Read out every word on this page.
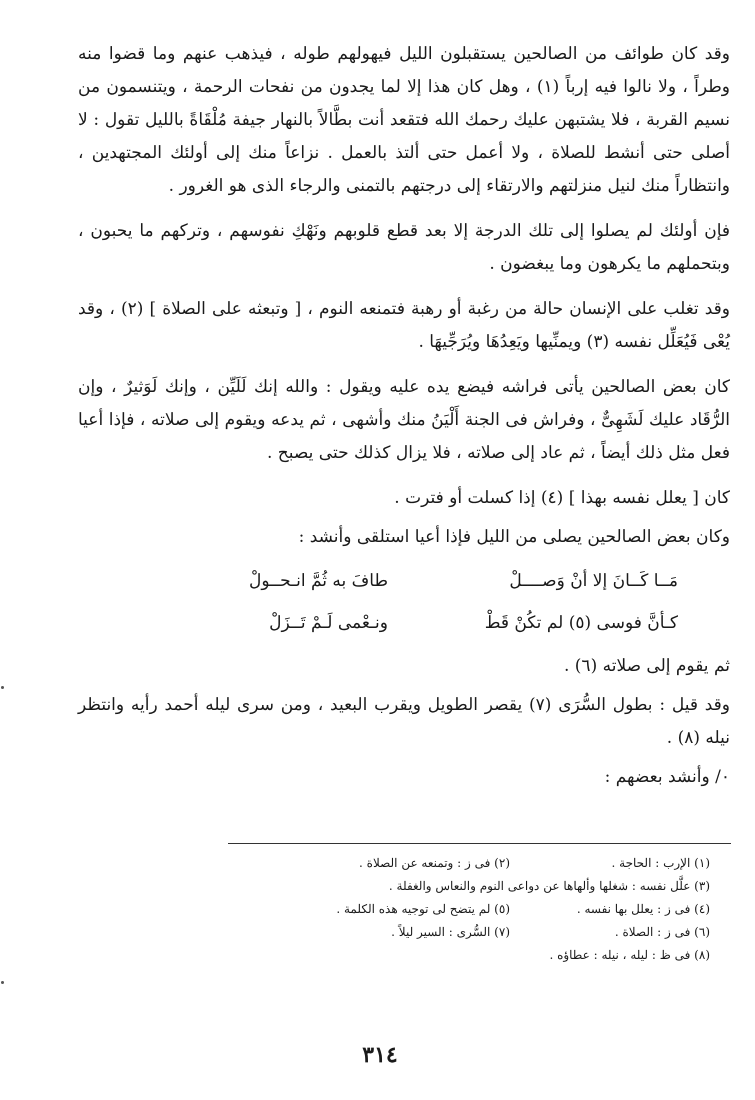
وقد كان طوائف من الصالحين يستقبلون الليل فيهولهم طوله ، فيذهب عنهم وما قضوا منه وطراً ، ولا نالوا فيه إرباً (١) ، وهل كان هذا إلا لما يجدون من نفحات الرحمة ، ويتنسمون من نسيم القربة ، فلا يشتبهن عليك رحمك الله فتقعد أنت بطَّالاً بالنهار جيفة مُلْقَاةً بالليل تقول : لا أصلى حتى أنشط للصلاة ، ولا أعمل حتى ألتذ بالعمل . نزاعاً منك إلى أولئك المجتهدين ، وانتظاراً منك لنيل منزلتهم والارتقاء إلى درجتهم بالتمنى والرجاء الذى هو الغرور .

فإن أولئك لم يصلوا إلى تلك الدرجة إلا بعد قطع قلوبهم ونَهْكِ نفوسهم ، وتركهم ما يحبون ، وبتحملهم ما يكرهون وما يبغضون .

وقد تغلب على الإنسان حالة من رغبة أو رهبة فتمنعه النوم ، [ وتبعثه على الصلاة ] (٢) ، وقد يُعْى فَيُعَلِّل نفسه (٣) ويمنِّيها ويَعِدُهَا ويُرَجِّيهَا .

كان بعض الصالحين يأتى فراشه فيضع يده عليه ويقول : والله إنك لَلَيِّن ، وإنك لَوَثيرٌ ، وإن الرُّقَاد عليك لَشَهِىٌّ ، وفراش فى الجنة أَلْيَنُ منك وأشهى ، ثم يدعه ويقوم إلى صلاته ، فإذا أعيا فعل مثل ذلك أيضاً ، ثم عاد إلى صلاته ، فلا يزال كذلك حتى يصبح .

كان [ يعلل نفسه بهذا ] (٤) إذا كسلت أو فترت .

وكان بعض الصالحين يصلى من الليل فإذا أعيا استلقى وأنشد :

مَــا كَــانَ إلا أنْ وَصــــلْ
طافَ به ثُمَّ انـحــولْ
كـأنَّ فوسى (٥) لم تكُنْ قَطْ
ونـعْمى لَـمْ تَــزَلْ

ثم يقوم إلى صلاته (٦) .

وقد قيل : بطول السُّرَى (٧) يقصر الطويل ويقرب البعيد ، ومن سرى ليله أحمد رأيه وانتظر نيله (٨) .

٠/ وأنشد بعضهم :

(١) الإرب : الحاجة .
(٢) فى ز : وتمنعه عن الصلاة .
(٣) علَّل نفسه : شغلها وألهاها عن دواعى النوم والنعاس والغفلة .
(٤) فى ز : يعلل بها نفسه .
(٥) لم يتضح لى توجيه هذه الكلمة .
(٦) فى ز : الصلاة .
(٧) السُّرى : السير ليلاً .
(٨) فى ظ : ليله ، نيله : عطاؤه .
٣١٤
